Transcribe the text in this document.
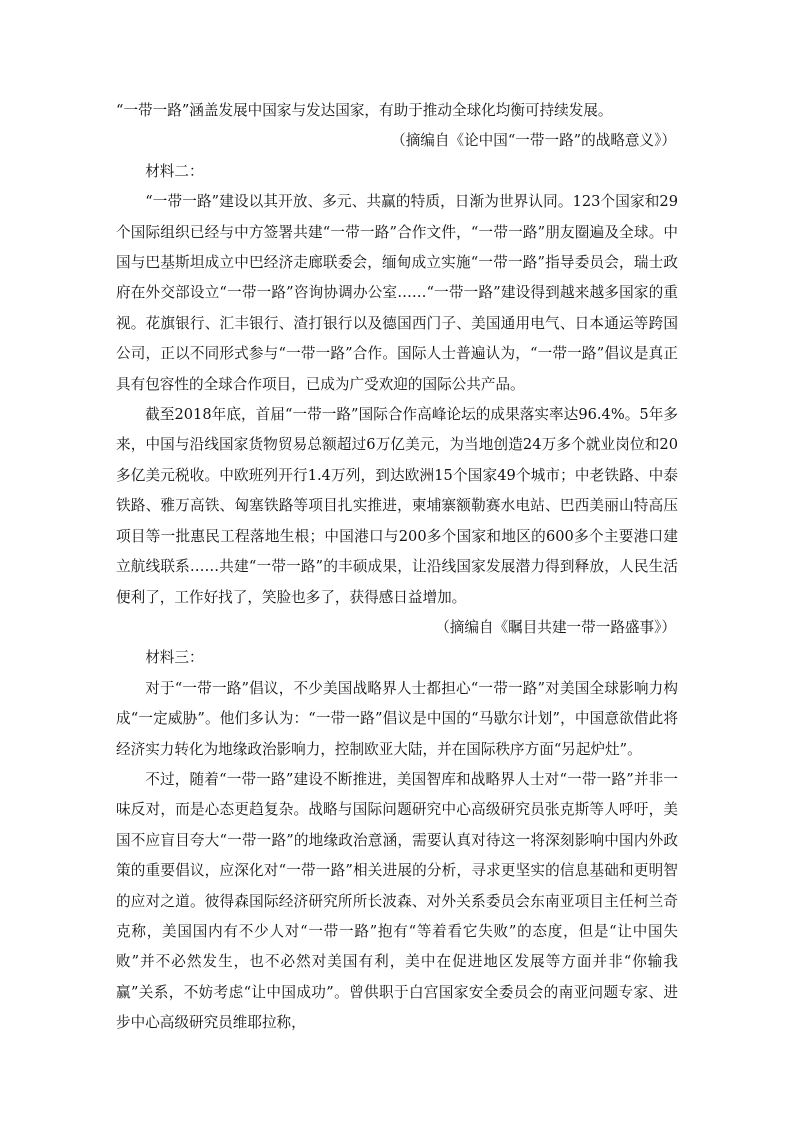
“一带一路”涵盖发展中国家与发达国家，有助于推动全球化均衡可持续发展。

（摘编自《论中国“一带一路”的战略意义》）

材料二：

“一带一路”建设以其开放、多元、共赢的特质，日渐为世界认同。123个国家和29个国际组织已经与中方签署共建“一带一路”合作文件，“一带一路”朋友圈遍及全球。中国与巴基斯坦成立中巴经济走廊联委会，缅甸成立实施“一带一路”指导委员会，瑞士政府在外交部设立“一带一路”咨询协调办公室……“一带一路”建设得到越来越多国家的重视。花旗银行、汇丰银行、渣打银行以及德国西门子、美国通用电气、日本通运等跨国公司，正以不同形式参与“一带一路”合作。国际人士普遍认为，“一带一路”倡议是真正具有包容性的全球合作项目，已成为广受欢迎的国际公共产品。

截至2018年底，首届“一带一路”国际合作高峰论坛的成果落实率达96.4%。5年多来，中国与沿线国家货物贸易总额超过6万亿美元，为当地创造24万多个就业岗位和20多亿美元税收。中欧班列开行1.4万列，到达欧洲15个国家49个城市；中老铁路、中泰铁路、雅万高铁、匈塞铁路等项目扎实推进，柬埔寨额勒赛水电站、巴西美丽山特高压项目等一批惠民工程落地生根；中国港口与200多个国家和地区的600多个主要港口建立航线联系……共建“一带一路”的丰硕成果，让沿线国家发展潜力得到释放，人民生活便利了，工作好找了，笑脸也多了，获得感日益增加。

（摘编自《瞩目共建一带一路盛事》）

材料三：

对于“一带一路”倡议，不少美国战略界人士都担心“一带一路”对美国全球影响力构成“一定威胁”。他们多认为：“一带一路”倡议是中国的“马歇尔计划”，中国意欲借此将经济实力转化为地缘政治影响力，控制欧亚大陆，并在国际秩序方面“另起炉灶”。

不过，随着“一带一路”建设不断推进，美国智库和战略界人士对“一带一路”并非一味反对，而是心态更趋复杂。战略与国际问题研究中心高级研究员张克斯等人呼吁，美国不应盲目夸大“一带一路”的地缘政治意涵，需要认真对待这一将深刻影响中国内外政策的重要倡议，应深化对“一带一路”相关进展的分析，寻求更坚实的信息基础和更明智的应对之道。彼得森国际经济研究所所长波森、对外关系委员会东南亚项目主任柯兰奇克称，美国国内有不少人对“一带一路”抱有“等着看它失败”的态度，但是“让中国失败”并不必然发生，也不必然对美国有利，美中在促进地区发展等方面并非“你输我赢”关系，不妨考虑“让中国成功”。曾供职于白宫国家安全委员会的南亚问题专家、进步中心高级研究员维耶拉称，
